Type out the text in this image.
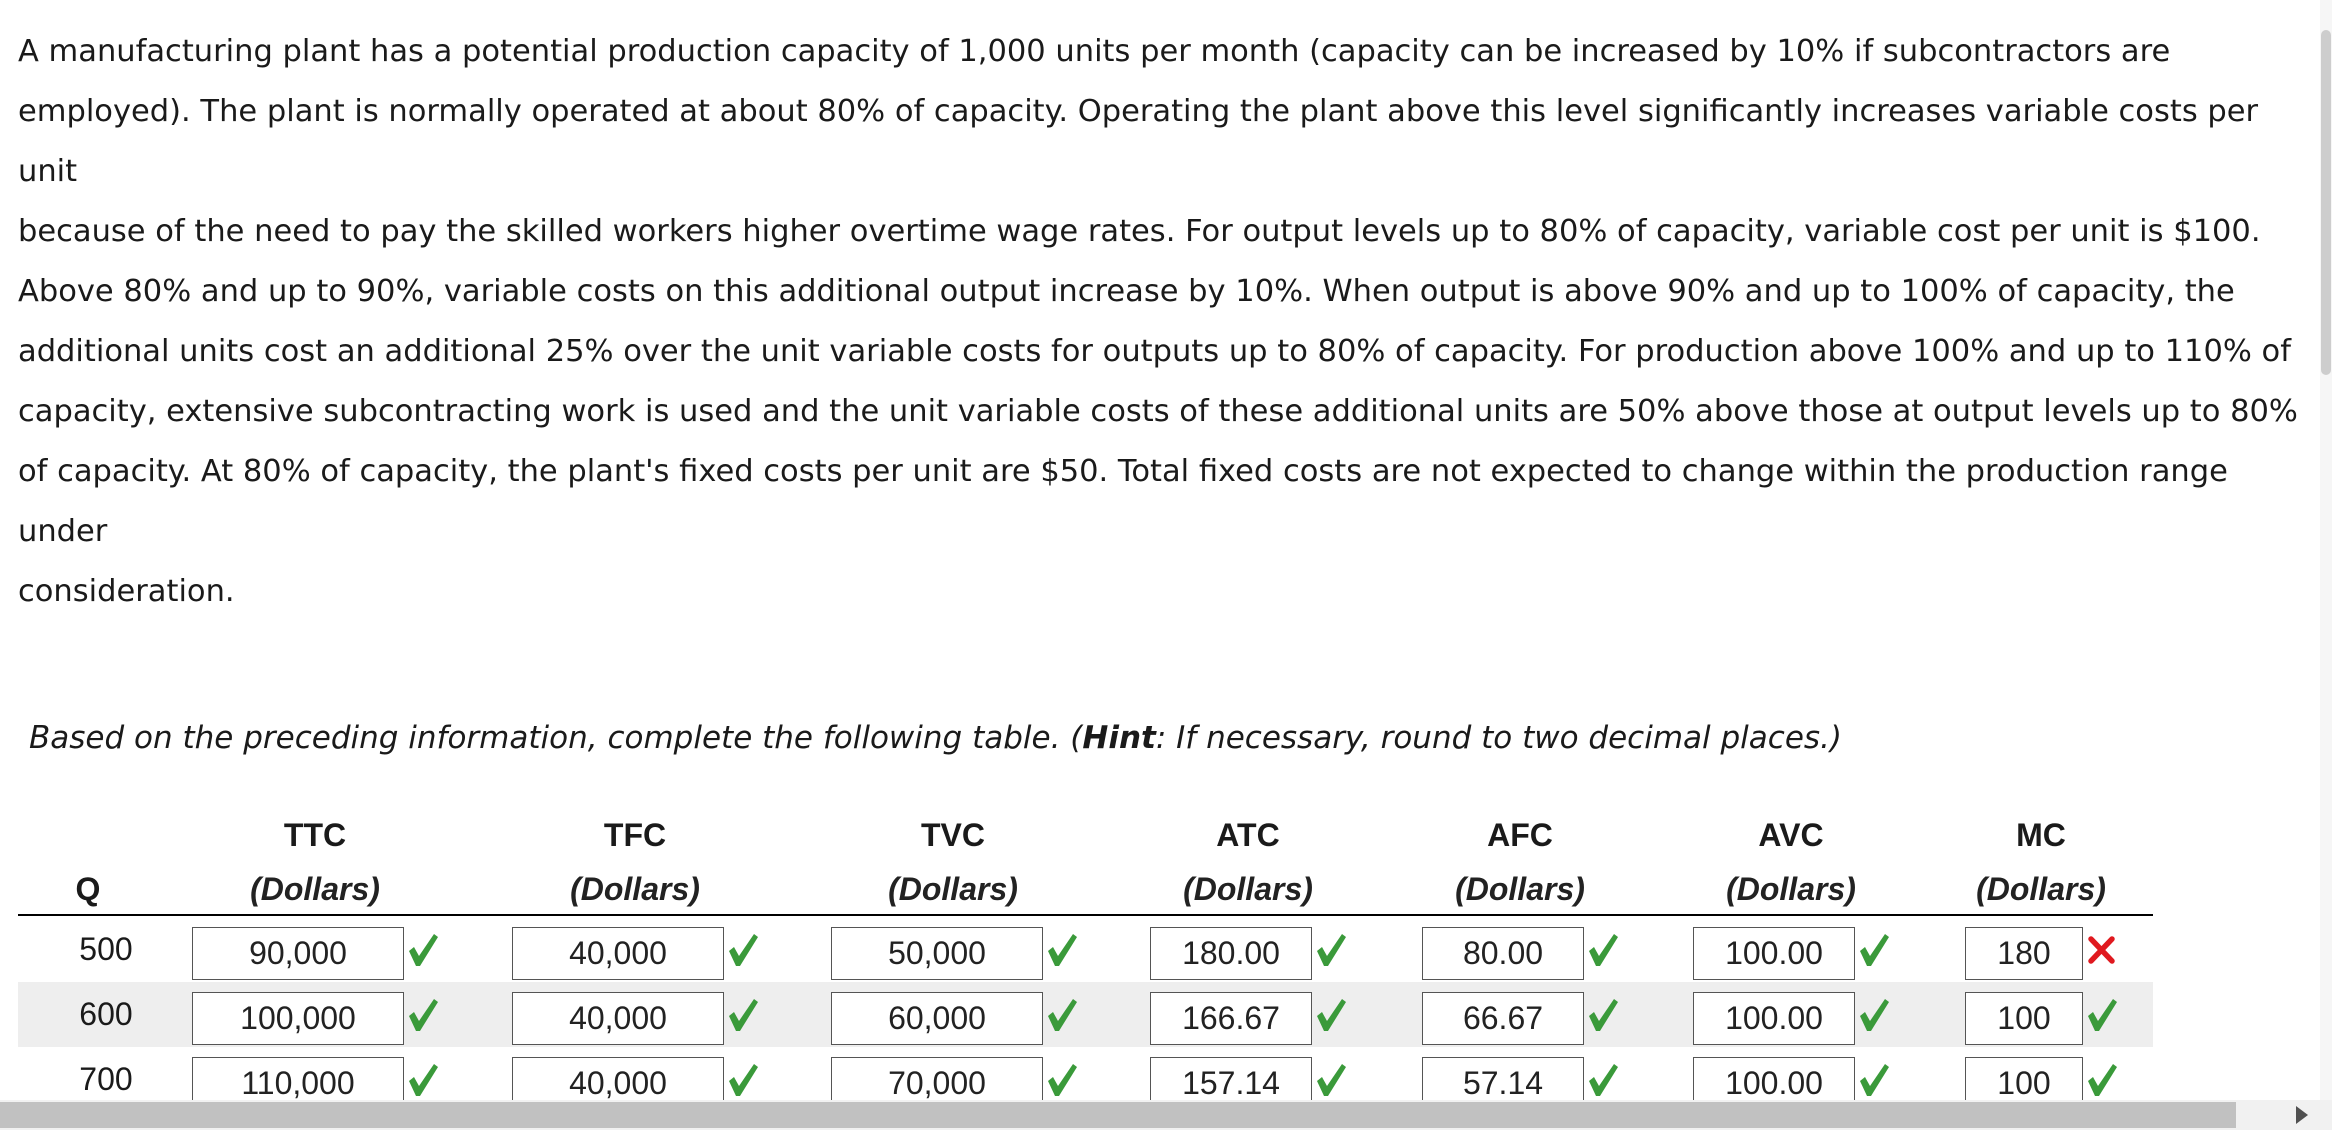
A manufacturing plant has a potential production capacity of 1,000 units per month (capacity can be increased by 10% if subcontractors are
employed). The plant is normally operated at about 80% of capacity. Operating the plant above this level significantly increases variable costs per unit
because of the need to pay the skilled workers higher overtime wage rates. For output levels up to 80% of capacity, variable cost per unit is $100.
Above 80% and up to 90%, variable costs on this additional output increase by 10%. When output is above 90% and up to 100% of capacity, the
additional units cost an additional 25% over the unit variable costs for outputs up to 80% of capacity. For production above 100% and up to 110% of
capacity, extensive subcontracting work is used and the unit variable costs of these additional units are 50% above those at output levels up to 80%
of capacity. At 80% of capacity, the plant's fixed costs per unit are $50. Total fixed costs are not expected to change within the production range under
consideration.

Based on the preceding information, complete the following table. (Hint: If necessary, round to two decimal places.)

Q
TTC
(Dollars)
TFC
(Dollars)
TVC
(Dollars)
ATC
(Dollars)
AFC
(Dollars)
AVC
(Dollars)
MC
(Dollars)
500
90,000
40,000
50,000
180.00
80.00
100.00
180
600
100,000
40,000
60,000
166.67
66.67
100.00
100
700
110,000
40,000
70,000
157.14
57.14
100.00
100
